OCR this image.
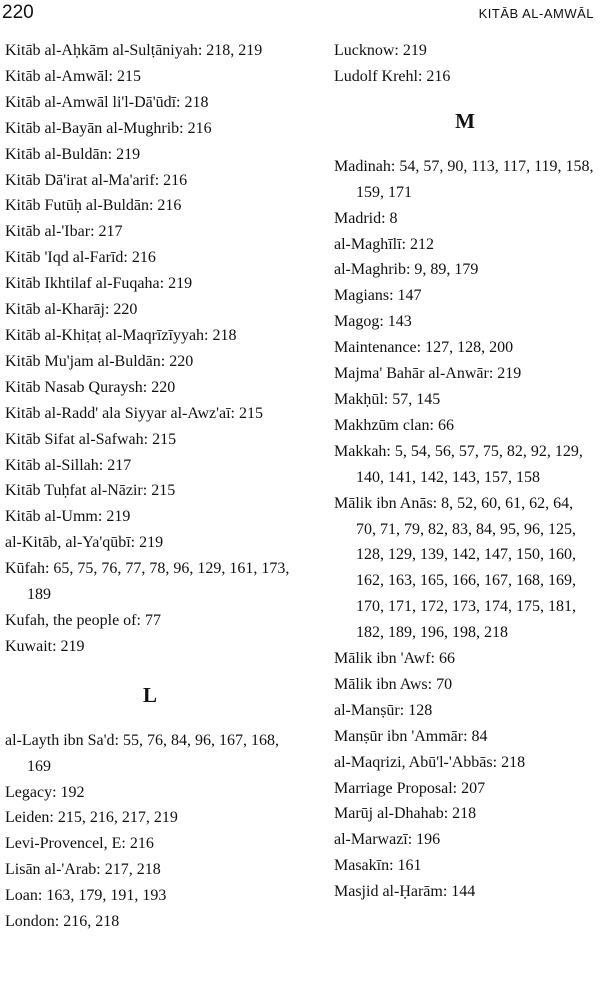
220	KITĀB AL-AMWĀL

Kitāb al-Aḥkām al-Sulṭāniyah: 218, 219

Kitāb al-Amwāl: 215

Kitāb al-Amwāl li'l-Dā'ūdī: 218

Kitāb al-Bayān al-Mughrib: 216

Kitāb al-Buldān: 219

Kitāb Dā'irat al-Ma'arif: 216

Kitāb Futūḥ al-Buldān: 216

Kitāb al-'Ibar: 217

Kitāb 'Iqd al-Farīd: 216

Kitāb Ikhtilaf al-Fuqaha: 219

Kitāb al-Kharāj: 220

Kitāb al-Khiṭaṭ al-Maqrīzīyyah: 218

Kitāb Mu'jam al-Buldān: 220

Kitāb Nasab Quraysh: 220

Kitāb al-Radd' ala Siyyar al-Awz'aī: 215

Kitāb Sifat al-Safwah: 215

Kitāb al-Sillah: 217

Kitāb Tuḥfat al-Nāzir: 215

Kitāb al-Umm: 219

al-Kitāb, al-Ya'qūbī: 219

Kūfah: 65, 75, 76, 77, 78, 96, 129, 161, 173, 189

Kufah, the people of: 77

Kuwait: 219

L

al-Layth ibn Sa'd: 55, 76, 84, 96, 167, 168, 169

Legacy: 192

Leiden: 215, 216, 217, 219

Levi-Provencel, E: 216

Lisān al-'Arab: 217, 218

Loan: 163, 179, 191, 193

London: 216, 218

Lucknow: 219

Ludolf Krehl: 216

M

Madinah: 54, 57, 90, 113, 117, 119, 158, 159, 171

Madrid: 8

al-Maghīlī: 212

al-Maghrib: 9, 89, 179

Magians: 147

Magog: 143

Maintenance: 127, 128, 200

Majma' Bahār al-Anwār: 219

Makḥūl: 57, 145

Makhzūm clan: 66

Makkah: 5, 54, 56, 57, 75, 82, 92, 129, 140, 141, 142, 143, 157, 158

Mālik ibn Anās: 8, 52, 60, 61, 62, 64, 70, 71, 79, 82, 83, 84, 95, 96, 125, 128, 129, 139, 142, 147, 150, 160, 162, 163, 165, 166, 167, 168, 169, 170, 171, 172, 173, 174, 175, 181, 182, 189, 196, 198, 218

Mālik ibn 'Awf: 66

Mālik ibn Aws: 70

al-Manṣūr: 128

Manṣūr ibn 'Ammār: 84

al-Maqrizi, Abū'l-'Abbās: 218

Marriage Proposal: 207

Marūj al-Dhahab: 218

al-Marwazī: 196

Masakīn: 161

Masjid al-Ḥarām: 144
